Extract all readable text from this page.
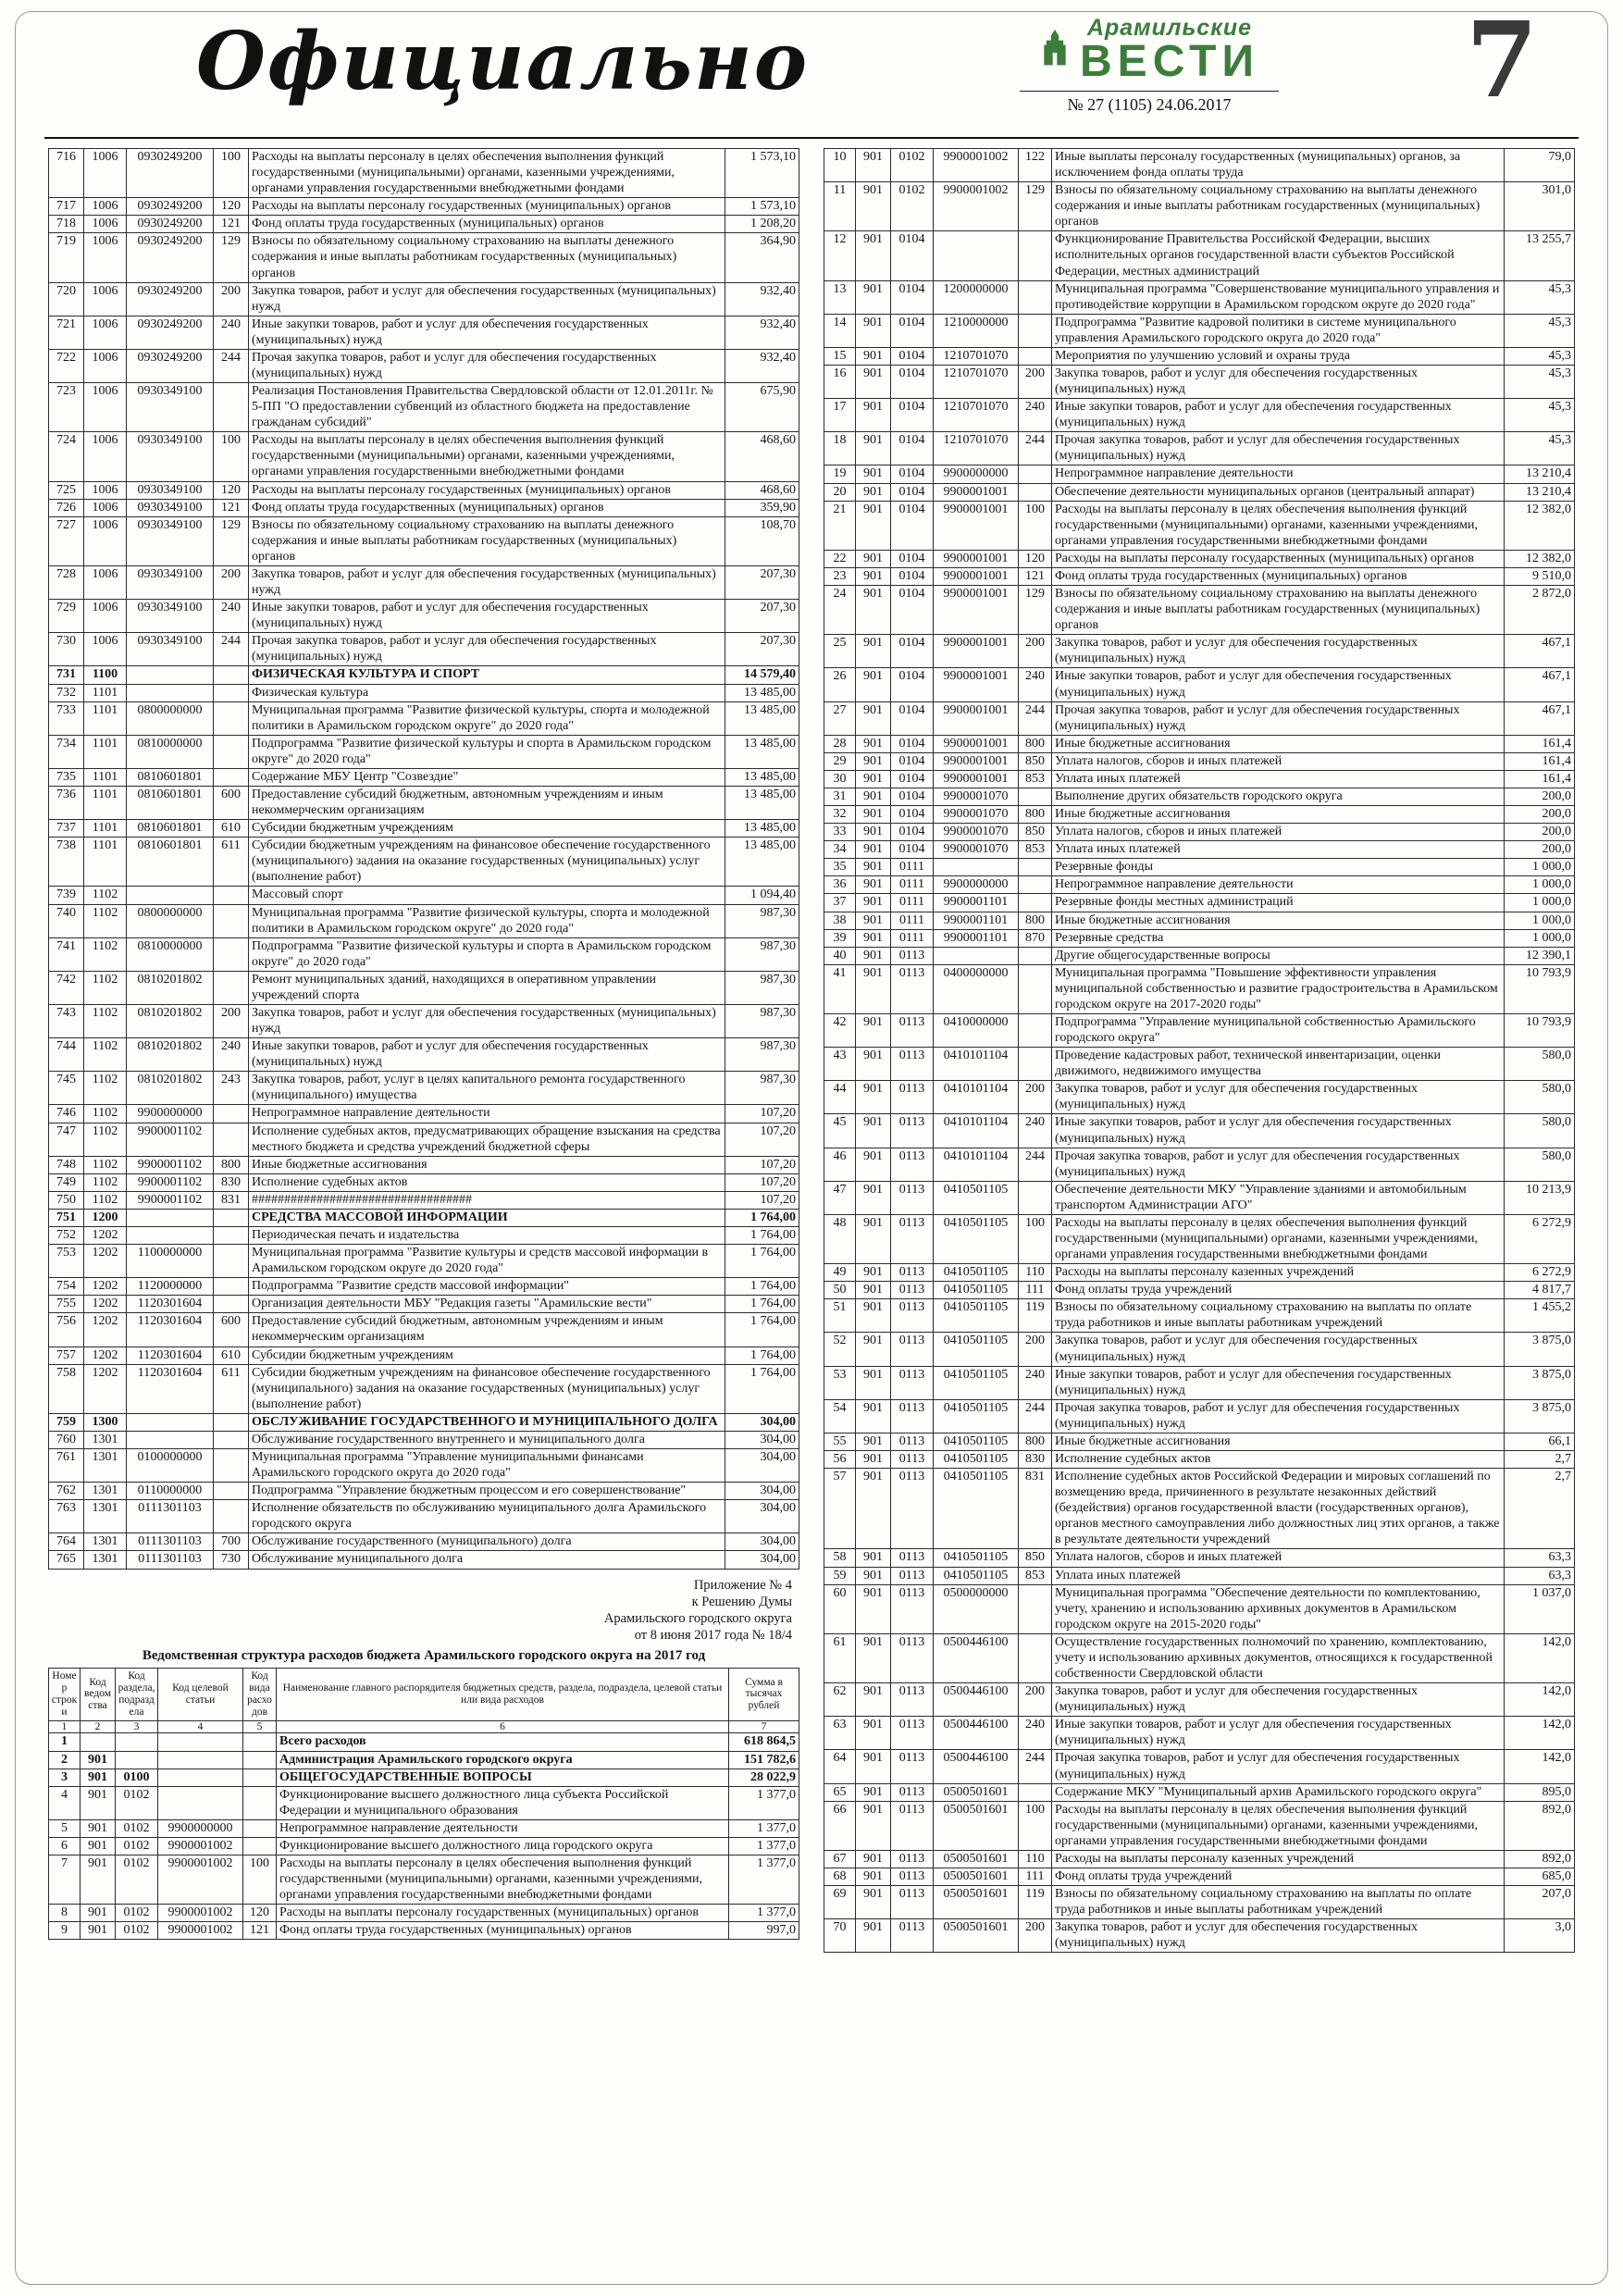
Официально	Арамильские
ВЕСТИ
№ 27 (1105) 24.06.2017	7
716	1006	0930249200	100	Расходы на выплаты персоналу в целях обеспечения выполнения функций государственными (муниципальными) органами, казенными учреждениями, органами управления государственными внебюджетными фондами	1 573,10
717	1006	0930249200	120	Расходы на выплаты персоналу государственных (муниципальных) органов	1 573,10
718	1006	0930249200	121	Фонд оплаты труда государственных (муниципальных) органов	1 208,20
719	1006	0930249200	129	Взносы по обязательному социальному страхованию на выплаты денежного содержания и иные выплаты работникам государственных (муниципальных) органов	364,90
720	1006	0930249200	200	Закупка товаров, работ и услуг для обеспечения государственных (муниципальных) нужд	932,40
721	1006	0930249200	240	Иные закупки товаров, работ и услуг для обеспечения государственных (муниципальных) нужд	932,40
722	1006	0930249200	244	Прочая закупка товаров, работ и услуг для обеспечения государственных (муниципальных) нужд	932,40
723	1006	0930349100		Реализация Постановления Правительства Свердловской области от 12.01.2011г. № 5-ПП "О предоставлении субвенций из областного бюджета на предоставление гражданам субсидий"	675,90
724	1006	0930349100	100	Расходы на выплаты персоналу в целях обеспечения выполнения функций государственными (муниципальными) органами, казенными учреждениями, органами управления государственными внебюджетными фондами	468,60
725	1006	0930349100	120	Расходы на выплаты персоналу государственных (муниципальных) органов	468,60
726	1006	0930349100	121	Фонд оплаты труда государственных (муниципальных) органов	359,90
727	1006	0930349100	129	Взносы по обязательному социальному страхованию на выплаты денежного содержания и иные выплаты работникам государственных (муниципальных) органов	108,70
728	1006	0930349100	200	Закупка товаров, работ и услуг для обеспечения государственных (муниципальных) нужд	207,30
729	1006	0930349100	240	Иные закупки товаров, работ и услуг для обеспечения государственных (муниципальных) нужд	207,30
730	1006	0930349100	244	Прочая закупка товаров, работ и услуг для обеспечения государственных (муниципальных) нужд	207,30
731	1100			ФИЗИЧЕСКАЯ КУЛЬТУРА И СПОРТ	14 579,40
732	1101			Физическая культура	13 485,00
733	1101	0800000000		Муниципальная программа "Развитие физической культуры, спорта и молодежной политики в Арамильском городском округе" до 2020 года"	13 485,00
734	1101	0810000000		Подпрограмма "Развитие физической культуры и спорта в Арамильском городском округе" до 2020 года"	13 485,00
735	1101	0810601801		Содержание МБУ Центр "Созвездие"	13 485,00
736	1101	0810601801	600	Предоставление субсидий бюджетным, автономным учреждениям и иным некоммерческим организациям	13 485,00
737	1101	0810601801	610	Субсидии бюджетным учреждениям	13 485,00
738	1101	0810601801	611	Субсидии бюджетным учреждениям на финансовое обеспечение государственного (муниципального) задания на оказание государственных (муниципальных) услуг (выполнение работ)	13 485,00
739	1102			Массовый спорт	1 094,40
740	1102	0800000000		Муниципальная программа "Развитие физической культуры, спорта и молодежной политики в Арамильском городском округе" до 2020 года"	987,30
741	1102	0810000000		Подпрограмма "Развитие физической культуры и спорта в Арамильском городском округе" до 2020 года"	987,30
742	1102	0810201802		Ремонт муниципальных зданий, находящихся в оперативном управлении учреждений спорта	987,30
743	1102	0810201802	200	Закупка товаров, работ и услуг для обеспечения государственных (муниципальных) нужд	987,30
744	1102	0810201802	240	Иные закупки товаров, работ и услуг для обеспечения государственных (муниципальных) нужд	987,30
745	1102	0810201802	243	Закупка товаров, работ, услуг в целях капитального ремонта государственного (муниципального) имущества	987,30
746	1102	9900000000		Непрограммное направление деятельности	107,20
747	1102	9900001102		Исполнение судебных актов, предусматривающих обращение взыскания на средства местного бюджета и средства учреждений бюджетной сферы	107,20
748	1102	9900001102	800	Иные бюджетные ассигнования	107,20
749	1102	9900001102	830	Исполнение судебных актов	107,20
750	1102	9900001102	831	##################################	107,20
751	1200			СРЕДСТВА МАССОВОЙ ИНФОРМАЦИИ	1 764,00
752	1202			Периодическая печать и издательства	1 764,00
753	1202	1100000000		Муниципальная программа "Развитие культуры и средств массовой информации в Арамильском городском округе до 2020 года"	1 764,00
754	1202	1120000000		Подпрограмма "Развитие средств массовой информации"	1 764,00
755	1202	1120301604		Организация деятельности МБУ "Редакция газеты "Арамильские вести"	1 764,00
756	1202	1120301604	600	Предоставление субсидий бюджетным, автономным учреждениям и иным некоммерческим организациям	1 764,00
757	1202	1120301604	610	Субсидии бюджетным учреждениям	1 764,00
758	1202	1120301604	611	Субсидии бюджетным учреждениям на финансовое обеспечение государственного (муниципального) задания на оказание государственных (муниципальных) услуг (выполнение работ)	1 764,00
759	1300			ОБСЛУЖИВАНИЕ ГОСУДАРСТВЕННОГО И МУНИЦИПАЛЬНОГО ДОЛГА	304,00
760	1301			Обслуживание государственного внутреннего и муниципального долга	304,00
761	1301	0100000000		Муниципальная программа "Управление муниципальными финансами Арамильского городского округа до 2020 года"	304,00
762	1301	0110000000		Подпрограмма "Управление бюджетным процессом и его совершенствование"	304,00
763	1301	0111301103		Исполнение обязательств по обслуживанию муниципального долга Арамильского городского округа	304,00
764	1301	0111301103	700	Обслуживание государственного (муниципального) долга	304,00
765	1301	0111301103	730	Обслуживание муниципального долга	304,00
Приложение № 4
к Решению Думы
Арамильского городского округа
от 8 июня 2017 года № 18/4
Ведомственная структура расходов бюджета Арамильского городского округа на 2017 год
Номер строки	Код ведомства	Код раздела, подраздела	Код целевой статьи	Код вида расходов	Наименование главного распорядителя бюджетных средств, раздела, подраздела, целевой статьи или вида расходов	Сумма в тысячах рублей
1	2	3	4	5	6	7
1					Всего расходов	618 864,5
2	901				Администрация Арамильского городского округа	151 782,6
3	901	0100			ОБЩЕГОСУДАРСТВЕННЫЕ ВОПРОСЫ	28 022,9
4	901	0102			Функционирование высшего должностного лица субъекта Российской Федерации и муниципального образования	1 377,0
5	901	0102	9900000000		Непрограммное направление деятельности	1 377,0
6	901	0102	9900001002		Функционирование высшего должностного лица городского округа	1 377,0
7	901	0102	9900001002	100	Расходы на выплаты персоналу в целях обеспечения выполнения функций государственными (муниципальными) органами, казенными учреждениями, органами управления государственными внебюджетными фондами	1 377,0
8	901	0102	9900001002	120	Расходы на выплаты персоналу государственных (муниципальных) органов	1 377,0
9	901	0102	9900001002	121	Фонд оплаты труда государственных (муниципальных) органов	997,0
10	901	0102	9900001002	122	Иные выплаты персоналу государственных (муниципальных) органов, за исключением фонда оплаты труда	79,0
11	901	0102	9900001002	129	Взносы по обязательному социальному страхованию на выплаты денежного содержания и иные выплаты работникам государственных (муниципальных) органов	301,0
12	901	0104			Функционирование Правительства Российской Федерации, высших исполнительных органов государственной власти субъектов Российской Федерации, местных администраций	13 255,7
13	901	0104	1200000000		Муниципальная программа "Совершенствование муниципального управления и противодействие коррупции в Арамильском городском округе до 2020 года"	45,3
14	901	0104	1210000000		Подпрограмма "Развитие кадровой политики в системе муниципального управления Арамильского городского округа до 2020 года"	45,3
15	901	0104	1210701070		Мероприятия по улучшению условий и охраны труда	45,3
16	901	0104	1210701070	200	Закупка товаров, работ и услуг для обеспечения государственных (муниципальных) нужд	45,3
17	901	0104	1210701070	240	Иные закупки товаров, работ и услуг для обеспечения государственных (муниципальных) нужд	45,3
18	901	0104	1210701070	244	Прочая закупка товаров, работ и услуг для обеспечения государственных (муниципальных) нужд	45,3
19	901	0104	9900000000		Непрограммное направление деятельности	13 210,4
20	901	0104	9900001001		Обеспечение деятельности муниципальных органов (центральный аппарат)	13 210,4
21	901	0104	9900001001	100	Расходы на выплаты персоналу в целях обеспечения выполнения функций государственными (муниципальными) органами, казенными учреждениями, органами управления государственными внебюджетными фондами	12 382,0
22	901	0104	9900001001	120	Расходы на выплаты персоналу государственных (муниципальных) органов	12 382,0
23	901	0104	9900001001	121	Фонд оплаты труда государственных (муниципальных) органов	9 510,0
24	901	0104	9900001001	129	Взносы по обязательному социальному страхованию на выплаты денежного содержания и иные выплаты работникам государственных (муниципальных) органов	2 872,0
25	901	0104	9900001001	200	Закупка товаров, работ и услуг для обеспечения государственных (муниципальных) нужд	467,1
26	901	0104	9900001001	240	Иные закупки товаров, работ и услуг для обеспечения государственных (муниципальных) нужд	467,1
27	901	0104	9900001001	244	Прочая закупка товаров, работ и услуг для обеспечения государственных (муниципальных) нужд	467,1
28	901	0104	9900001001	800	Иные бюджетные ассигнования	161,4
29	901	0104	9900001001	850	Уплата налогов, сборов и иных платежей	161,4
30	901	0104	9900001001	853	Уплата иных платежей	161,4
31	901	0104	9900001070		Выполнение других обязательств городского округа	200,0
32	901	0104	9900001070	800	Иные бюджетные ассигнования	200,0
33	901	0104	9900001070	850	Уплата налогов, сборов и иных платежей	200,0
34	901	0104	9900001070	853	Уплата иных платежей	200,0
35	901	0111			Резервные фонды	1 000,0
36	901	0111	9900000000		Непрограммное направление деятельности	1 000,0
37	901	0111	9900001101		Резервные фонды местных администраций	1 000,0
38	901	0111	9900001101	800	Иные бюджетные ассигнования	1 000,0
39	901	0111	9900001101	870	Резервные средства	1 000,0
40	901	0113			Другие общегосударственные вопросы	12 390,1
41	901	0113	0400000000		Муниципальная программа "Повышение эффективности управления муниципальной собственностью и развитие градостроительства в Арамильском городском округе на 2017-2020 годы"	10 793,9
42	901	0113	0410000000		Подпрограмма "Управление муниципальной собственностью Арамильского городского округа"	10 793,9
43	901	0113	0410101104		Проведение кадастровых работ, технической инвентаризации, оценки движимого, недвижимого имущества	580,0
44	901	0113	0410101104	200	Закупка товаров, работ и услуг для обеспечения государственных (муниципальных) нужд	580,0
45	901	0113	0410101104	240	Иные закупки товаров, работ и услуг для обеспечения государственных (муниципальных) нужд	580,0
46	901	0113	0410101104	244	Прочая закупка товаров, работ и услуг для обеспечения государственных (муниципальных) нужд	580,0
47	901	0113	0410501105		Обеспечение деятельности МКУ "Управление зданиями и автомобильным транспортом Администрации АГО"	10 213,9
48	901	0113	0410501105	100	Расходы на выплаты персоналу в целях обеспечения выполнения функций государственными (муниципальными) органами, казенными учреждениями, органами управления государственными внебюджетными фондами	6 272,9
49	901	0113	0410501105	110	Расходы на выплаты персоналу казенных учреждений	6 272,9
50	901	0113	0410501105	111	Фонд оплаты труда учреждений	4 817,7
51	901	0113	0410501105	119	Взносы по обязательному социальному страхованию на выплаты по оплате труда работников и иные выплаты работникам учреждений	1 455,2
52	901	0113	0410501105	200	Закупка товаров, работ и услуг для обеспечения государственных (муниципальных) нужд	3 875,0
53	901	0113	0410501105	240	Иные закупки товаров, работ и услуг для обеспечения государственных (муниципальных) нужд	3 875,0
54	901	0113	0410501105	244	Прочая закупка товаров, работ и услуг для обеспечения государственных (муниципальных) нужд	3 875,0
55	901	0113	0410501105	800	Иные бюджетные ассигнования	66,1
56	901	0113	0410501105	830	Исполнение судебных актов	2,7
57	901	0113	0410501105	831	Исполнение судебных актов Российской Федерации и мировых соглашений по возмещению вреда, причиненного в результате незаконных действий (бездействия) органов государственной власти (государственных органов), органов местного самоуправления либо должностных лиц этих органов, а также в результате деятельности учреждений	2,7
58	901	0113	0410501105	850	Уплата налогов, сборов и иных платежей	63,3
59	901	0113	0410501105	853	Уплата иных платежей	63,3
60	901	0113	0500000000		Муниципальная программа "Обеспечение деятельности по комплектованию, учету, хранению и использованию архивных документов в Арамильском городском округе на 2015-2020 годы"	1 037,0
61	901	0113	0500446100		Осуществление государственных полномочий по хранению, комплектованию, учету и использованию архивных документов, относящихся к государственной собственности Свердловской области	142,0
62	901	0113	0500446100	200	Закупка товаров, работ и услуг для обеспечения государственных (муниципальных) нужд	142,0
63	901	0113	0500446100	240	Иные закупки товаров, работ и услуг для обеспечения государственных (муниципальных) нужд	142,0
64	901	0113	0500446100	244	Прочая закупка товаров, работ и услуг для обеспечения государственных (муниципальных) нужд	142,0
65	901	0113	0500501601		Содержание МКУ "Муниципальный архив Арамильского городского округа"	895,0
66	901	0113	0500501601	100	Расходы на выплаты персоналу в целях обеспечения выполнения функций государственными (муниципальными) органами, казенными учреждениями, органами управления государственными внебюджетными фондами	892,0
67	901	0113	0500501601	110	Расходы на выплаты персоналу казенных учреждений	892,0
68	901	0113	0500501601	111	Фонд оплаты труда учреждений	685,0
69	901	0113	0500501601	119	Взносы по обязательному социальному страхованию на выплаты по оплате труда работников и иные выплаты работникам учреждений	207,0
70	901	0113	0500501601	200	Закупка товаров, работ и услуг для обеспечения государственных (муниципальных) нужд	3,0
